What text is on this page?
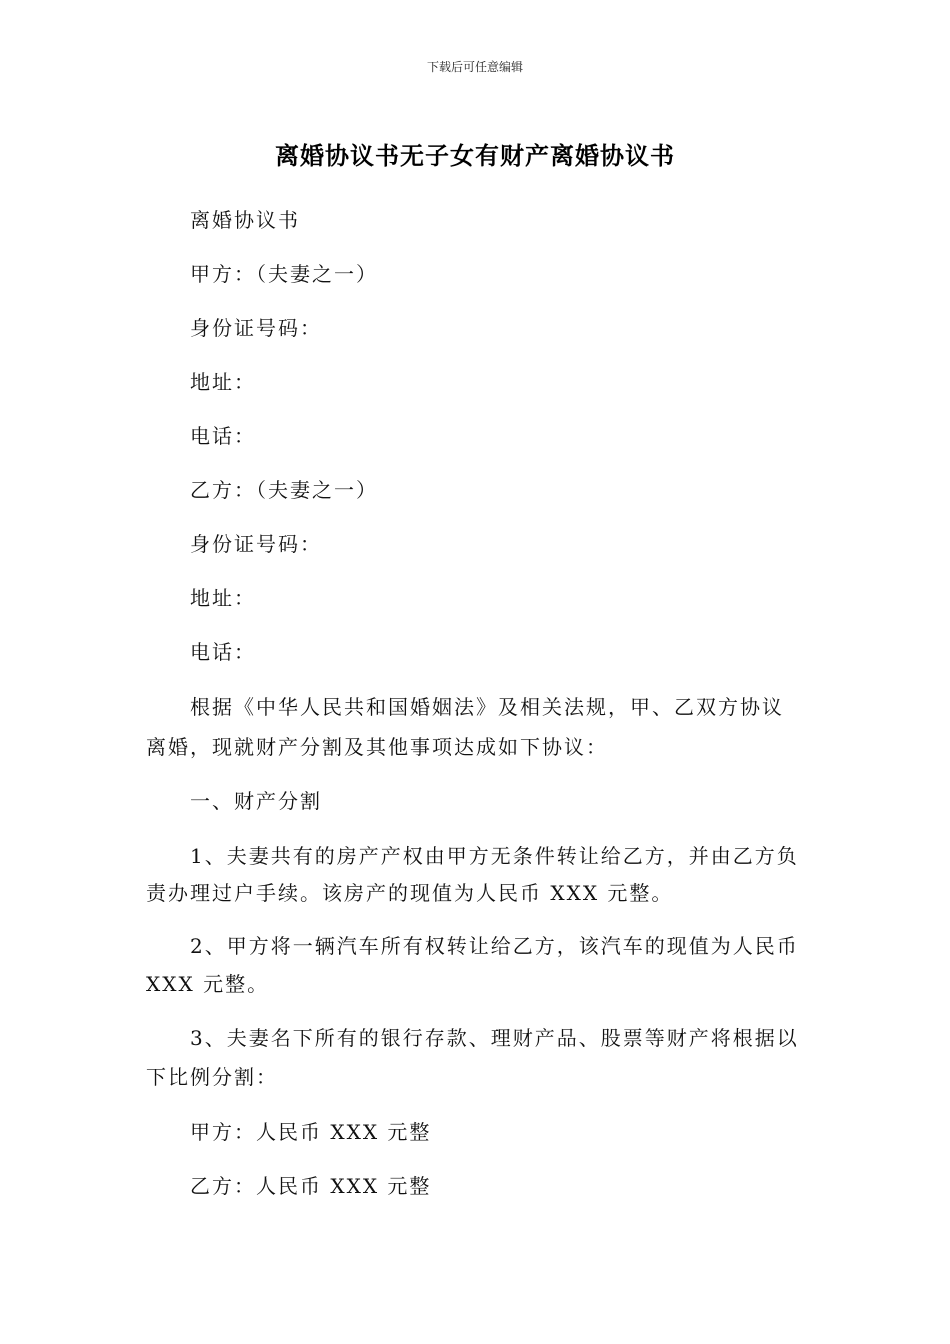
下载后可任意编辑
离婚协议书无子女有财产离婚协议书
离婚协议书
甲方：（夫妻之一）
身份证号码：
地址：
电话：
乙方：（夫妻之一）
身份证号码：
地址：
电话：
根据《中华人民共和国婚姻法》及相关法规，甲、乙双方协议
离婚，现就财产分割及其他事项达成如下协议：
一、财产分割
1、夫妻共有的房产产权由甲方无条件转让给乙方，并由乙方负
责办理过户手续。该房产的现值为人民币 XXX 元整。
2、甲方将一辆汽车所有权转让给乙方，该汽车的现值为人民币
XXX 元整。
3、夫妻名下所有的银行存款、理财产品、股票等财产将根据以
下比例分割：
甲方：人民币 XXX 元整
乙方：人民币 XXX 元整
